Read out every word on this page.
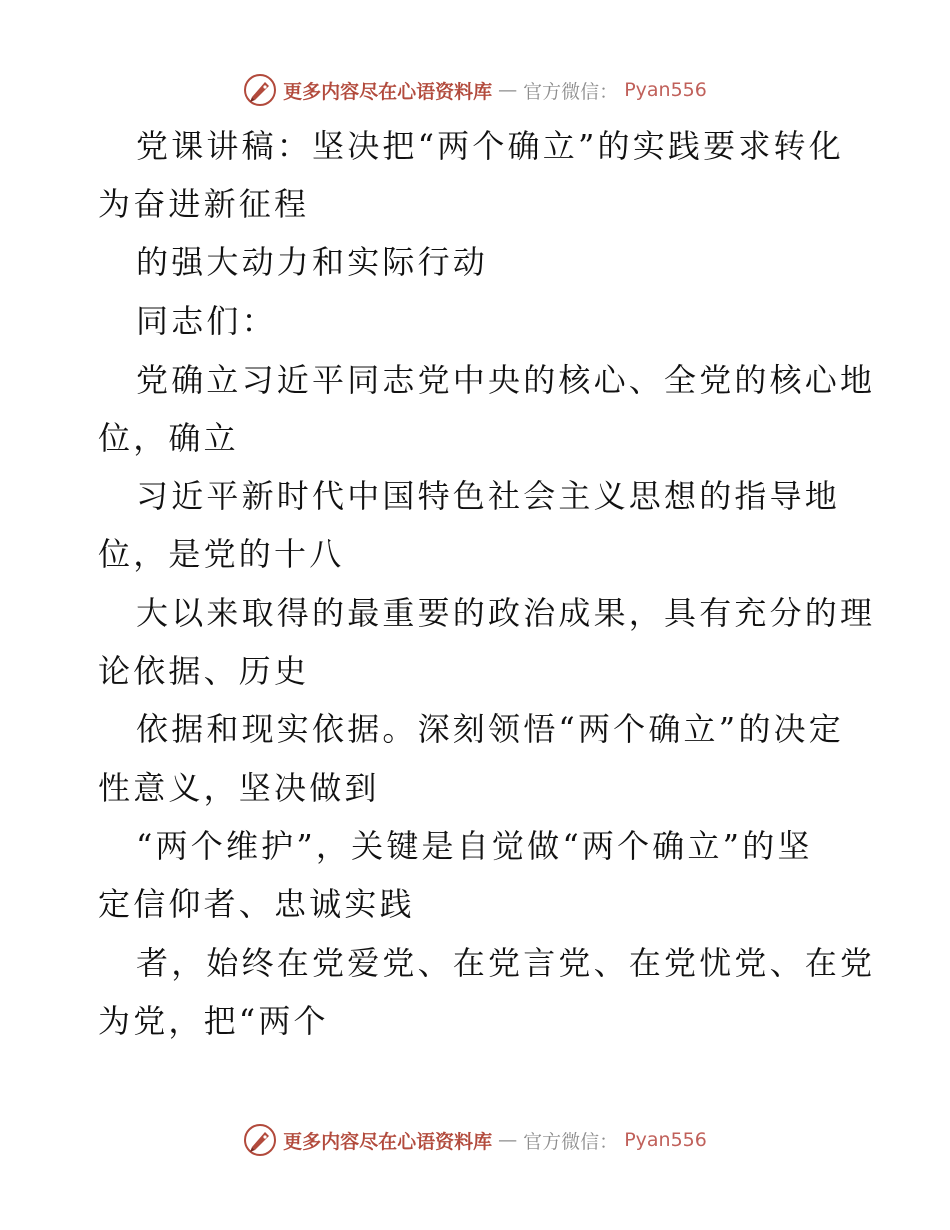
更多内容尽在心语资料库 — 官方微信： Pyan556
党课讲稿：坚决把“两个确立”的实践要求转化
为奋进新征程
的强大动力和实际行动
同志们：
党确立习近平同志党中央的核心、全党的核心地
位，确立
习近平新时代中国特色社会主义思想的指导地
位，是党的十八
大以来取得的最重要的政治成果，具有充分的理
论依据、历史
依据和现实依据。深刻领悟“两个确立”的决定
性意义，坚决做到
“两个维护”，关键是自觉做“两个确立”的坚
定信仰者、忠诚实践
者，始终在党爱党、在党言党、在党忧党、在党
为党，把“两个
更多内容尽在心语资料库 — 官方微信： Pyan556
